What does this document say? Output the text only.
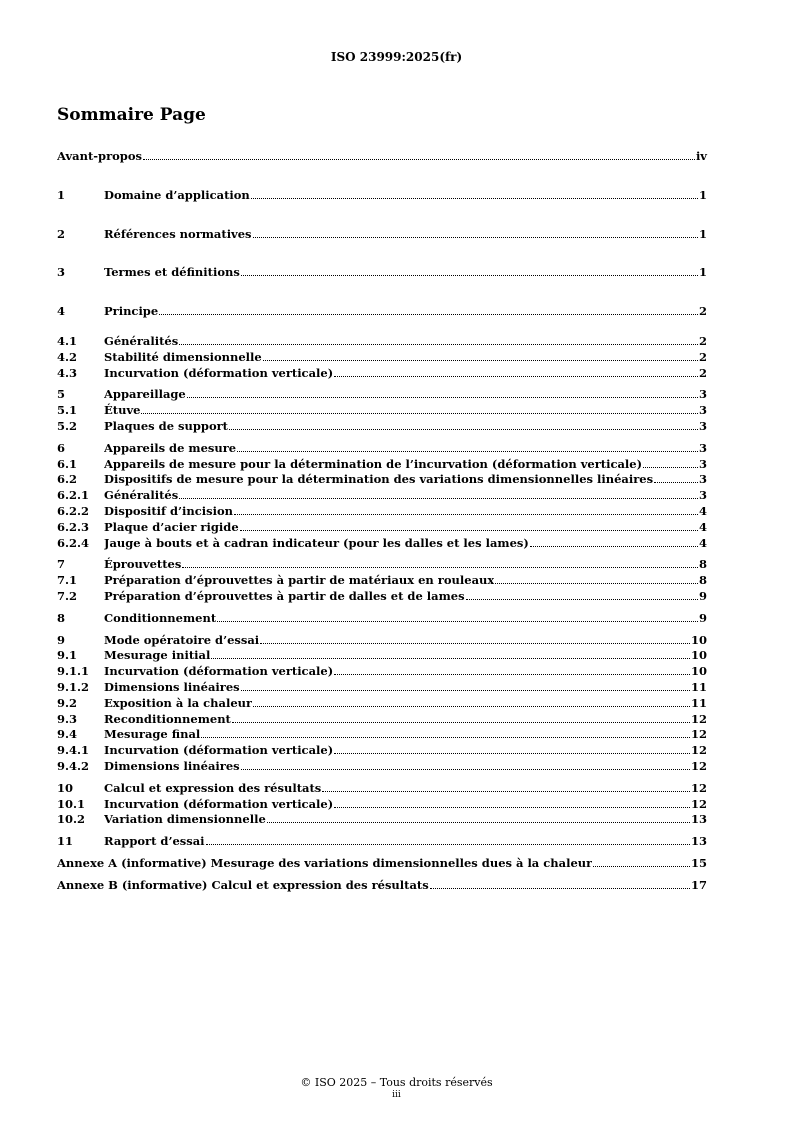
ISO 23999:2025(fr)
Sommaire Page
Avant-propos	iv
1	Domaine d’application	1
2	Références normatives	1
3	Termes et définitions	1
4	Principe	2
4.1	Généralités	2
4.2	Stabilité dimensionnelle	2
4.3	Incurvation (déformation verticale)	2
5	Appareillage	3
5.1	Étuve	3
5.2	Plaques de support	3
6	Appareils de mesure	3
6.1	Appareils de mesure pour la détermination de l’incurvation (déformation verticale)	3
6.2	Dispositifs de mesure pour la détermination des variations dimensionnelles linéaires	3
6.2.1	Généralités	3
6.2.2	Dispositif d’incision	4
6.2.3	Plaque d’acier rigide	4
6.2.4	Jauge à bouts et à cadran indicateur (pour les dalles et les lames)	4
7	Éprouvettes	8
7.1	Préparation d’éprouvettes à partir de matériaux en rouleaux	8
7.2	Préparation d’éprouvettes à partir de dalles et de lames	9
8	Conditionnement	9
9	Mode opératoire d’essai	10
9.1	Mesurage initial	10
9.1.1	Incurvation (déformation verticale)	10
9.1.2	Dimensions linéaires	11
9.2	Exposition à la chaleur	11
9.3	Reconditionnement	12
9.4	Mesurage final	12
9.4.1	Incurvation (déformation verticale)	12
9.4.2	Dimensions linéaires	12
10	Calcul et expression des résultats	12
10.1	Incurvation (déformation verticale)	12
10.2	Variation dimensionnelle	13
11	Rapport d’essai	13
Annexe A (informative) Mesurage des variations dimensionnelles dues à la chaleur	15
Annexe B (informative) Calcul et expression des résultats	17
© ISO 2025 – Tous droits réservés
iii
